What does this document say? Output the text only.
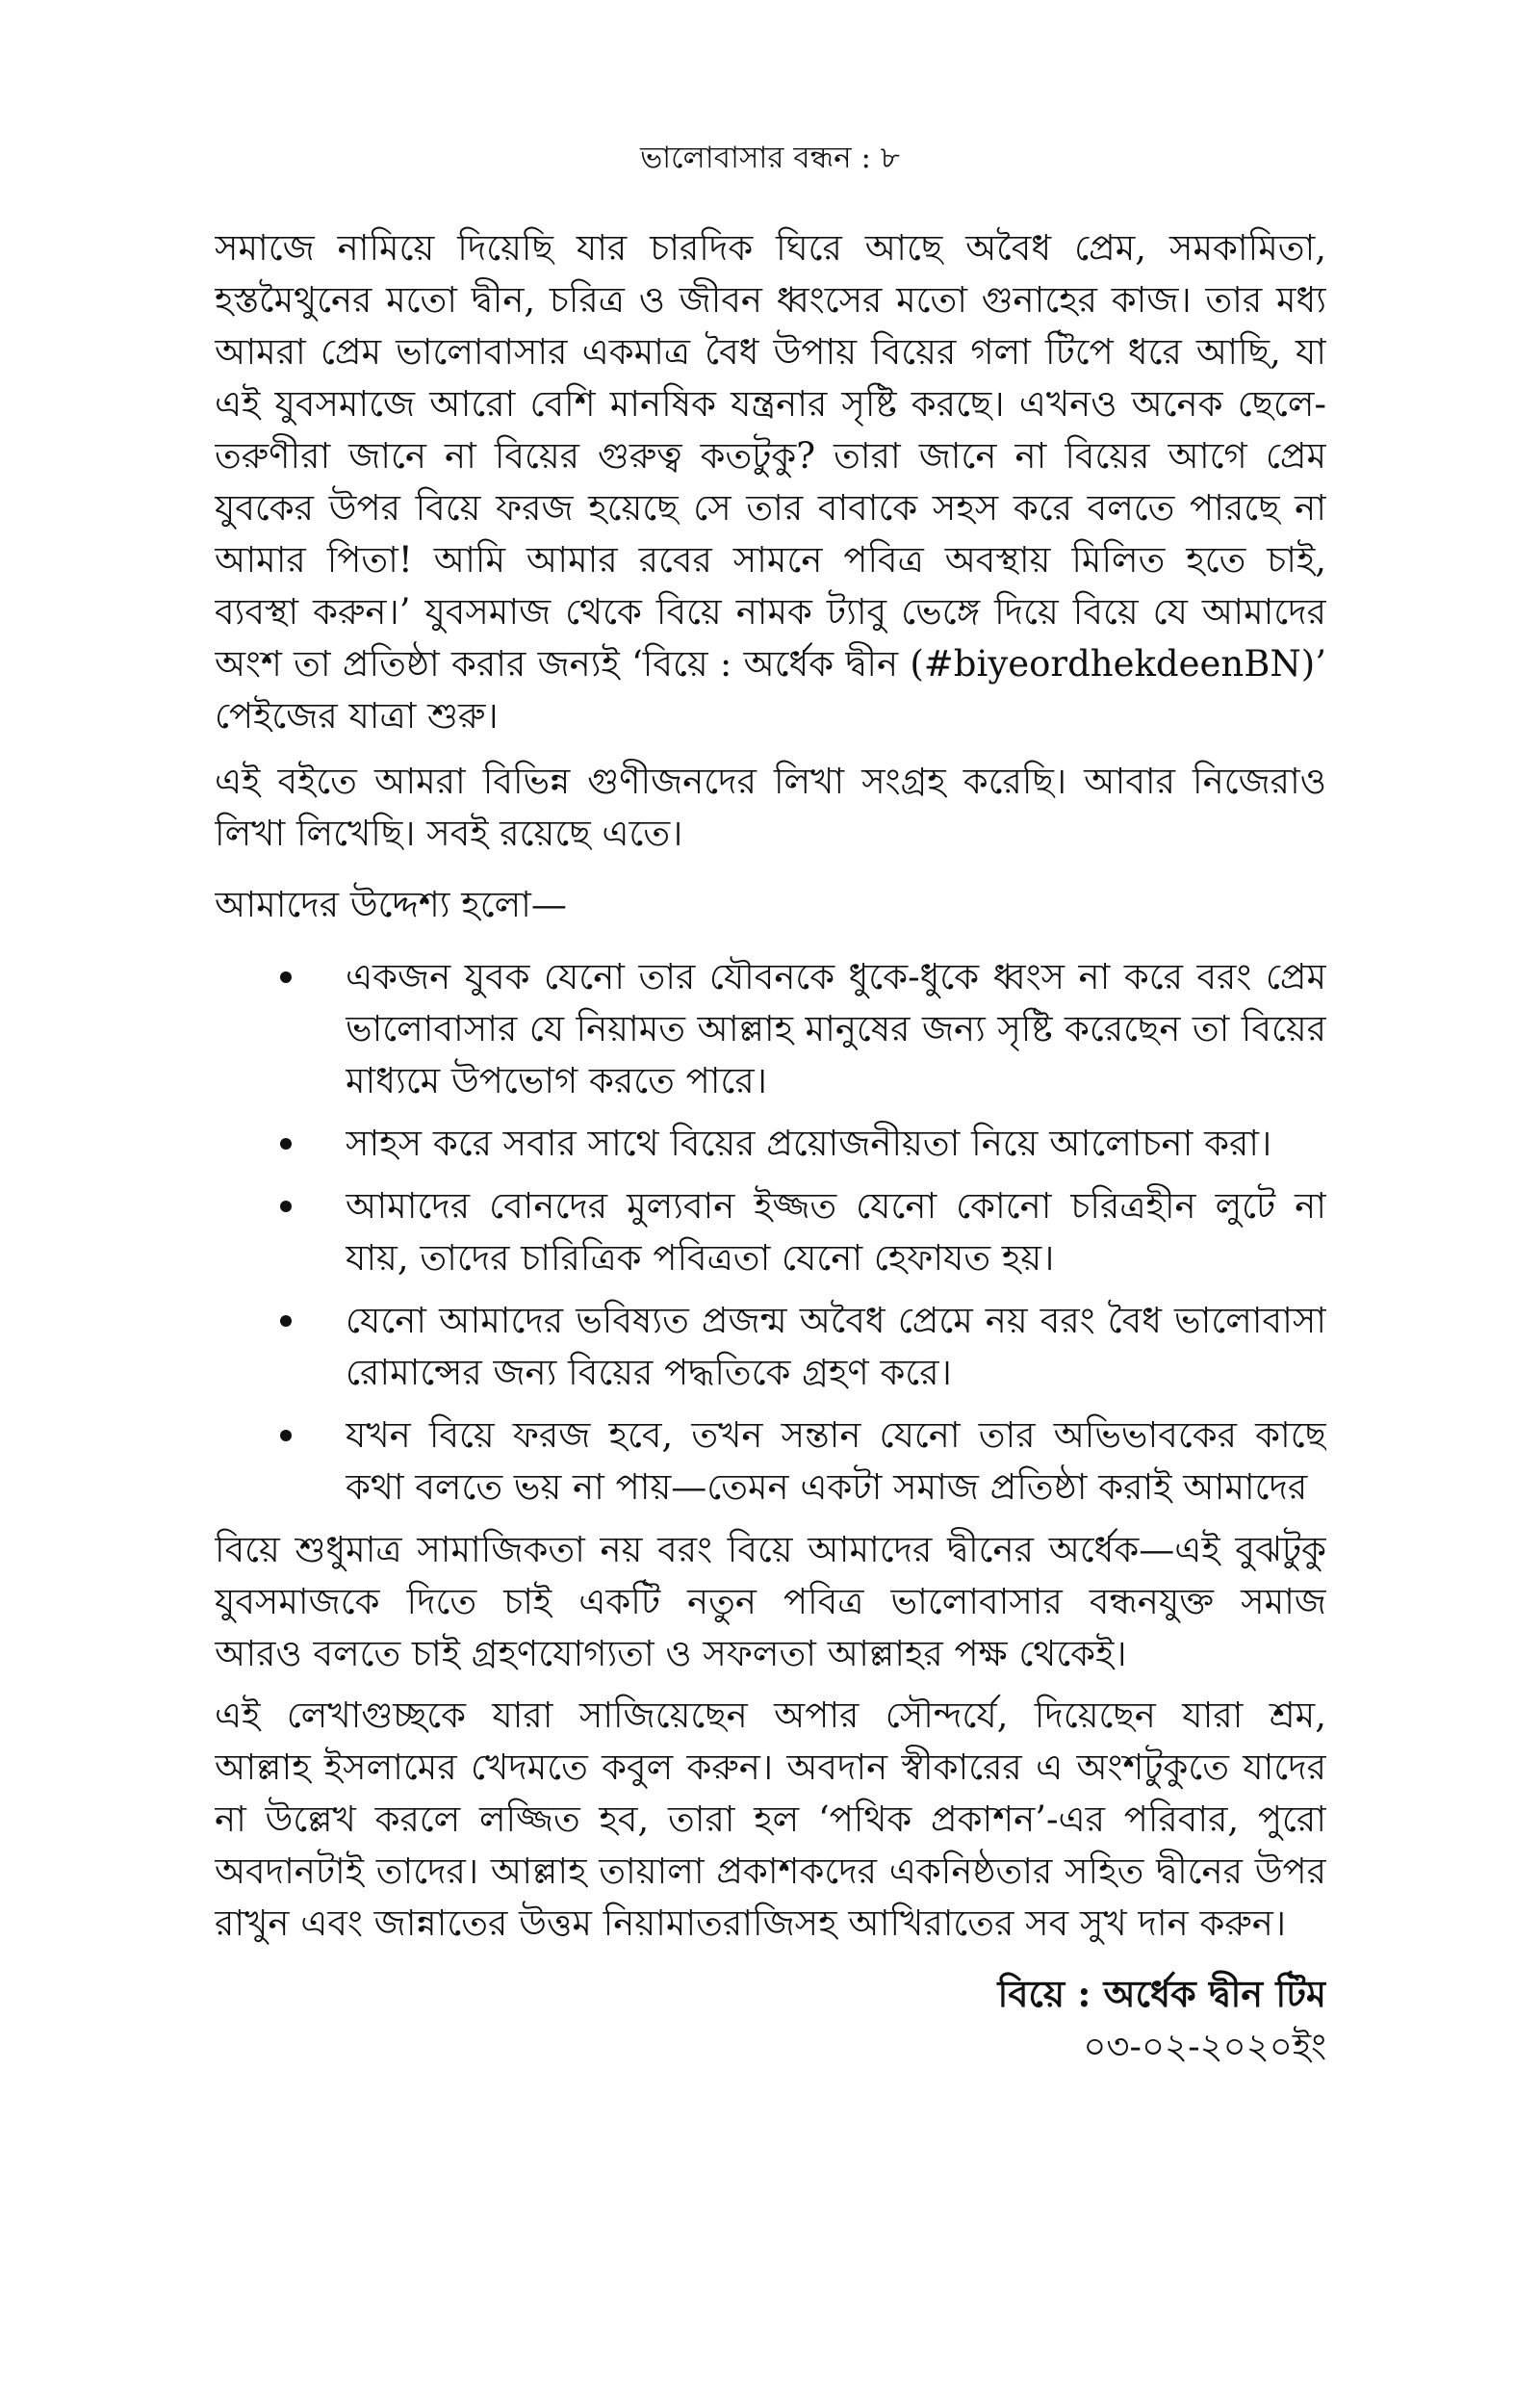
ভালোবাসার বন্ধন : ৮
সমাজে নামিয়ে দিয়েছি যার চারদিক ঘিরে আছে অবৈধ প্রেম, সমকামিতা,
হস্তমৈথুনের মতো দ্বীন, চরিত্র ও জীবন ধ্বংসের মতো গুনাহের কাজ। তার মধ্য
আমরা প্রেম ভালোবাসার একমাত্র বৈধ উপায় বিয়ের গলা টিপে ধরে আছি, যা
এই যুবসমাজে আরো বেশি মানষিক যন্ত্রনার সৃষ্টি করছে। এখনও অনেক ছেলে-
তরুণীরা জানে না বিয়ের গুরুত্ব কতটুকু? তারা জানে না বিয়ের আগে প্রেম
যুবকের উপর বিয়ে ফরজ হয়েছে সে তার বাবাকে সহস করে বলতে পারছে না
আমার পিতা! আমি আমার রবের সামনে পবিত্র অবস্থায় মিলিত হতে চাই,
ব্যবস্থা করুন।’ যুবসমাজ থেকে বিয়ে নামক ট্যাবু ভেঙ্গে দিয়ে বিয়ে যে আমাদের
অংশ তা প্রতিষ্ঠা করার জন্যই ‘বিয়ে : অর্ধেক দ্বীন (#biyeordhekdeenBN)’
পেইজের যাত্রা শুরু।
এই বইতে আমরা বিভিন্ন গুণীজনদের লিখা সংগ্রহ করেছি। আবার নিজেরাও
লিখা লিখেছি। সবই রয়েছে এতে।
আমাদের উদ্দেশ্য হলো—
একজন যুবক যেনো তার যৌবনকে ধুকে-ধুকে ধ্বংস না করে বরং প্রেম
ভালোবাসার যে নিয়ামত আল্লাহ মানুষের জন্য সৃষ্টি করেছেন তা বিয়ের
মাধ্যমে উপভোগ করতে পারে।
সাহস করে সবার সাথে বিয়ের প্রয়োজনীয়তা নিয়ে আলোচনা করা।
আমাদের বোনদের মুল্যবান ইজ্জত যেনো কোনো চরিত্রহীন লুটে না
যায়, তাদের চারিত্রিক পবিত্রতা যেনো হেফাযত হয়।
যেনো আমাদের ভবিষ্যত প্রজন্ম অবৈধ প্রেমে নয় বরং বৈধ ভালোবাসা
রোমান্সের জন্য বিয়ের পদ্ধতিকে গ্রহণ করে।
যখন বিয়ে ফরজ হবে, তখন সন্তান যেনো তার অভিভাবকের কাছে
কথা বলতে ভয় না পায়—তেমন একটা সমাজ প্রতিষ্ঠা করাই আমাদের
বিয়ে শুধুমাত্র সামাজিকতা নয় বরং বিয়ে আমাদের দ্বীনের অর্ধেক—এই বুঝটুকু
যুবসমাজকে দিতে চাই একটি নতুন পবিত্র ভালোবাসার বন্ধনযুক্ত সমাজ
আরও বলতে চাই গ্রহণযোগ্যতা ও সফলতা আল্লাহর পক্ষ থেকেই।
এই লেখাগুচ্ছকে যারা সাজিয়েছেন অপার সৌন্দর্যে, দিয়েছেন যারা শ্রম,
আল্লাহ ইসলামের খেদমতে কবুল করুন। অবদান স্বীকারের এ অংশটুকুতে যাদের
না উল্লেখ করলে লজ্জিত হব, তারা হল ‘পথিক প্রকাশন’-এর পরিবার, পুরো
অবদানটাই তাদের। আল্লাহ তায়ালা প্রকাশকদের একনিষ্ঠতার সহিত দ্বীনের উপর
রাখুন এবং জান্নাতের উত্তম নিয়ামাতরাজিসহ আখিরাতের সব সুখ দান করুন।
বিয়ে : অর্ধেক দ্বীন টিম
০৩-০২-২০২০ইং
